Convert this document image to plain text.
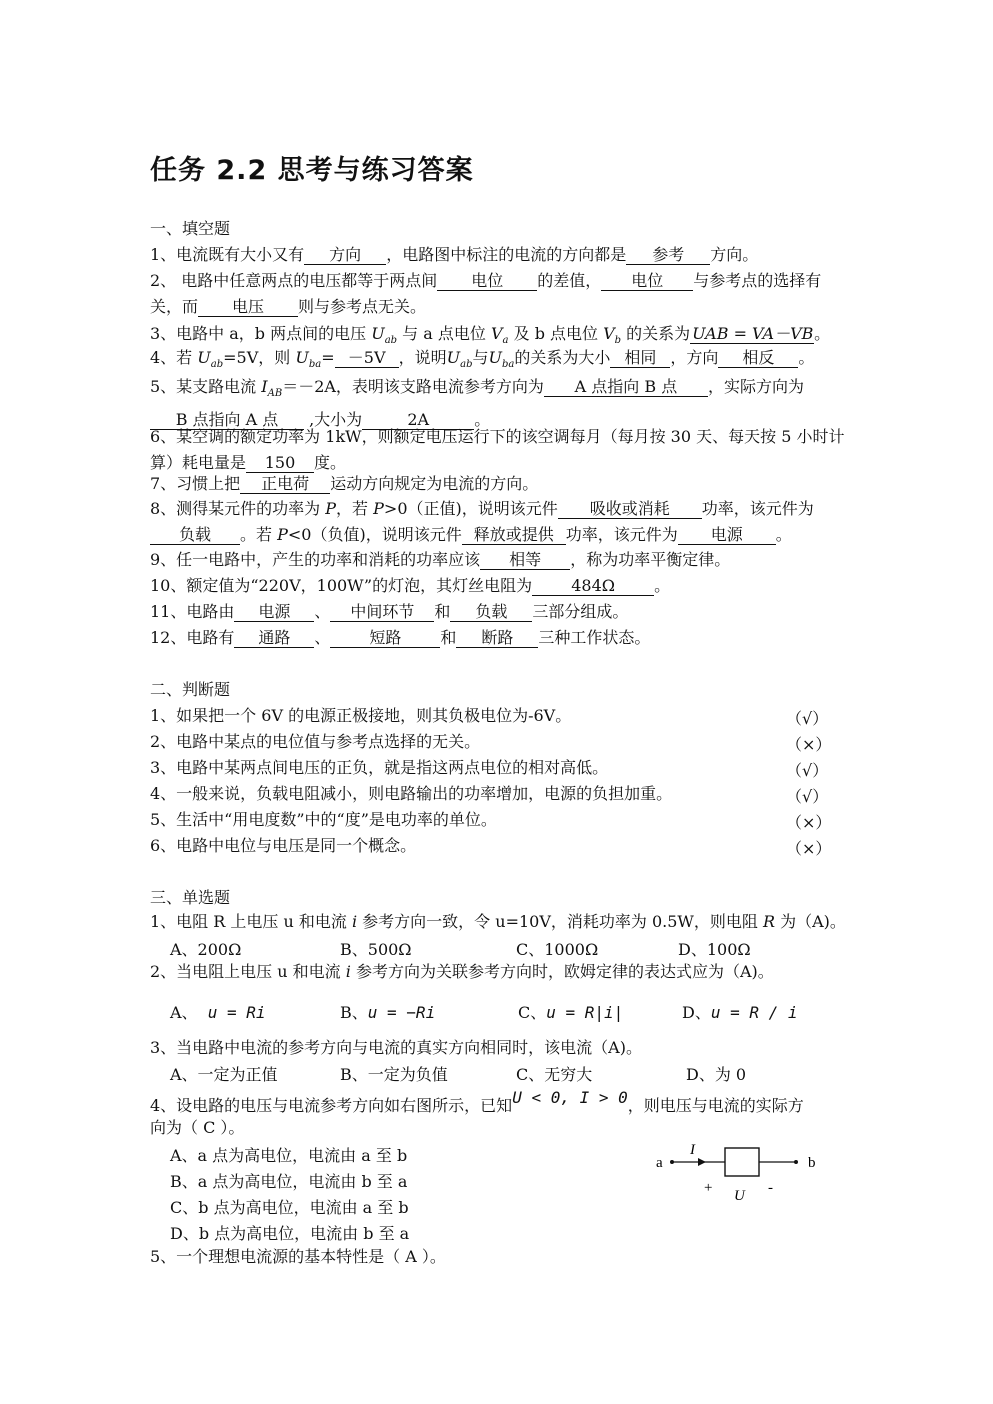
任务 2.2 思考与练习答案
一、填空题
1、电流既有大小又有 方向 ，电路图中标注的电流的方向都是 参考 方向。
2、 电路中任意两点的电压都等于两点间 电位 的差值， 电位 与参考点的选择有关，而 电压 则与参考点无关。
3、电路中 a，b 两点间的电压 $U_{ab}$ 与 a 点电位 $V_a$ 及 b 点电位 $V_b$ 的关系为 UAB = VA－VB。
4、若 $U_{ab}=5V$，则 $U_{ba}= -5V$ ，说明$U_{ab}$与$U_{ba}$的关系为大小 相同 ，方向 相反 。
5、某支路电流 $I_{AB}=-2A$，表明该支路电流参考方向为 A 点指向 B 点 ，实际方向为B 点指向 A 点 ,大小为	2A	。
6、某空调的额定功率为 1kW，则额定电压运行下的该空调每月（每月按 30 天、每天按 5 小时计算）耗电量是 150 度。
7、习惯上把 正电荷 运动方向规定为电流的方向。
8、测得某元件的功率为 P，若 P>0（正值)，说明该元件 吸收或消耗 功率，该元件为负载 。若 P<0（负值)，说明该元件 释放或提供 功率，该元件为 电源 。
9、任一电路中，产生的功率和消耗的功率应该 相等 ，称为功率平衡定律。
10、额定值为“220V，100W”的灯泡，其灯丝电阻为 484Ω 。
11、电路由 电源 、 中间环节 和 负载 三部分组成。
12、电路有 通路 、 短路 和 断路 三种工作状态。
二、判断题
1、如果把一个 6V 的电源正极接地，则其负极电位为-6V。	（√）
2、电路中某点的电位值与参考点选择的无关。	（×）
3、电路中某两点间电压的正负，就是指这两点电位的相对高低。	（√）
4、一般来说，负载电阻减小，则电路输出的功率增加，电源的负担加重。	（√）
5、生活中“用电度数”中的“度”是电功率的单位。	（×）
6、电路中电位与电压是同一个概念。	（×）
三、单选题
1、电阻 R 上电压 u 和电流 i 参考方向一致，令 u=10V，消耗功率为 0.5W，则电阻 R 为（A)。
A、200Ω	B、500Ω	C、1000Ω	D、100Ω
2、当电阻上电压 u 和电流 i 参考方向为关联参考方向时，欧姆定律的表达式应为（A)。
A、 u = Ri	B、u = −Ri	C、u = R|i|	D、u = R / i
3、当电路中电流的参考方向与电流的真实方向相同时，该电流（A)。
A、一定为正值	B、一定为负值	C、无穷大	D、为 0
4、设电路的电压与电流参考方向如右图所示，已知U < 0, I > 0，则电压与电流的实际方
向为（ C ）。
A、a 点为高电位，电流由 a 至 b
B、a 点为高电位，电流由 b 至 a
C、b 点为高电位，电流由 a 至 b
D、b 点为高电位，电流由 b 至 a
5、一个理想电流源的基本特性是（ A ）。
a
I
b
+ U -
